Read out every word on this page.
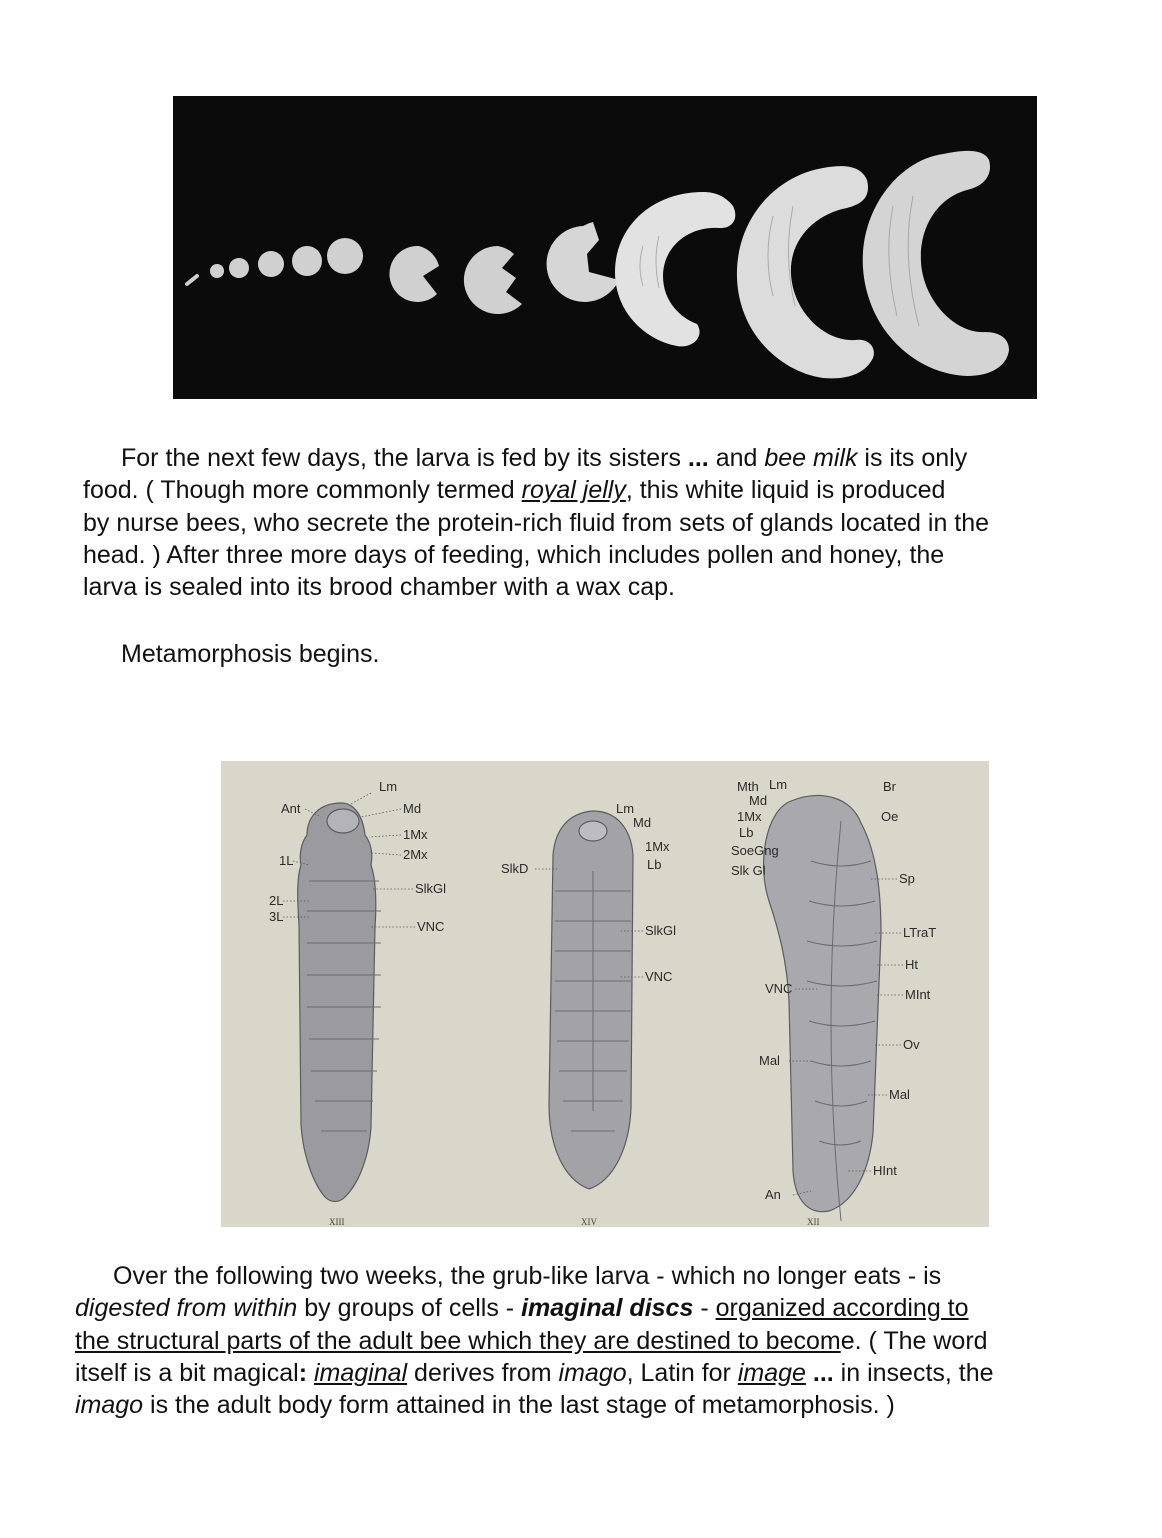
For the next few days, the larva is fed by its sisters ... and bee milk is its only
food. ( Though more commonly termed royal jelly, this white liquid is produced
by nurse bees, who secrete the protein-rich fluid from sets of glands located in the
head. ) After three more days of feeding, which includes pollen and honey, the
larva is sealed into its brood chamber with a wax cap.

Metamorphosis begins.

Lm
Ant	Md
1Mx
2Mx
1L
2L
3L
SlkGl
VNC
Lm
Md
1Mx
Lb
SlkD
SlkGl
VNC
Mth Lm
Md
1Mx
Lb
SoeGng
Slk Gl
Br
Oe
Sp
LTraT
Ht
MInt
VNC
Ov
Mal
Mal
HInt
An
XIII	XIV	XII

Over the following two weeks, the grub-like larva - which no longer eats - is
digested from within by groups of cells - imaginal discs - organized according to
the structural parts of the adult bee which they are destined to become. ( The word
itself is a bit magical: imaginal derives from imago, Latin for image ... in insects, the
imago is the adult body form attained in the last stage of metamorphosis. )
